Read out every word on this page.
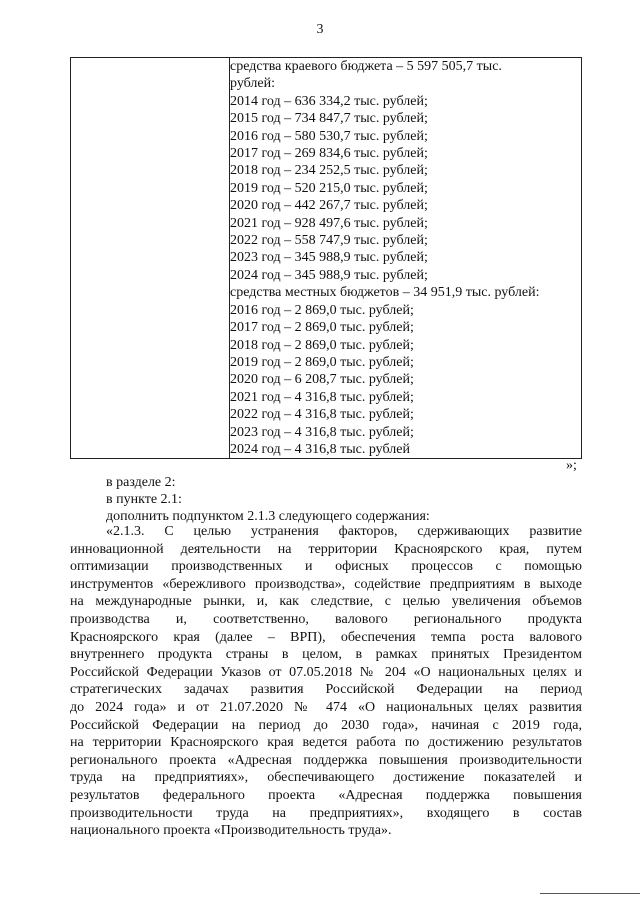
3

средства краевого бюджета – 5 597 505,7 тыс.
рублей:
2014 год – 636 334,2 тыс. рублей;
2015 год – 734 847,7 тыс. рублей;
2016 год – 580 530,7 тыс. рублей;
2017 год – 269 834,6 тыс. рублей;
2018 год – 234 252,5 тыс. рублей;
2019 год – 520 215,0 тыс. рублей;
2020 год – 442 267,7 тыс. рублей;
2021 год – 928 497,6 тыс. рублей;
2022 год – 558 747,9 тыс. рублей;
2023 год – 345 988,9 тыс. рублей;
2024 год – 345 988,9 тыс. рублей;
средства местных бюджетов – 34 951,9 тыс. рублей:
2016 год – 2 869,0 тыс. рублей;
2017 год – 2 869,0 тыс. рублей;
2018 год – 2 869,0 тыс. рублей;
2019 год – 2 869,0 тыс. рублей;
2020 год – 6 208,7 тыс. рублей;
2021 год – 4 316,8 тыс. рублей;
2022 год – 4 316,8 тыс. рублей;
2023 год – 4 316,8 тыс. рублей;
2024 год – 4 316,8 тыс. рублей
»;
в разделе 2:
в пункте 2.1:
дополнить подпунктом 2.1.3 следующего содержания:
«2.1.3. С целью устранения факторов, сдерживающих развитие
инновационной деятельности на территории Красноярского края, путем
оптимизации производственных и офисных процессов с помощью
инструментов «бережливого производства», содействие предприятиям в выходе
на международные рынки, и, как следствие, с целью увеличения объемов
производства и, соответственно, валового регионального продукта
Красноярского края (далее – ВРП), обеспечения темпа роста валового
внутреннего продукта страны в целом, в рамках принятых Президентом
Российской Федерации Указов от 07.05.2018 № 204 «О национальных целях и
стратегических задачах развития Российской Федерации на период
до 2024 года» и от 21.07.2020 № 474 «О национальных целях развития
Российской Федерации на период до 2030 года», начиная с 2019 года,
на территории Красноярского края ведется работа по достижению результатов
регионального проекта «Адресная поддержка повышения производительности
труда на предприятиях», обеспечивающего достижение показателей и
результатов федерального проекта «Адресная поддержка повышения
производительности труда на предприятиях», входящего в состав
национального проекта «Производительность труда».
